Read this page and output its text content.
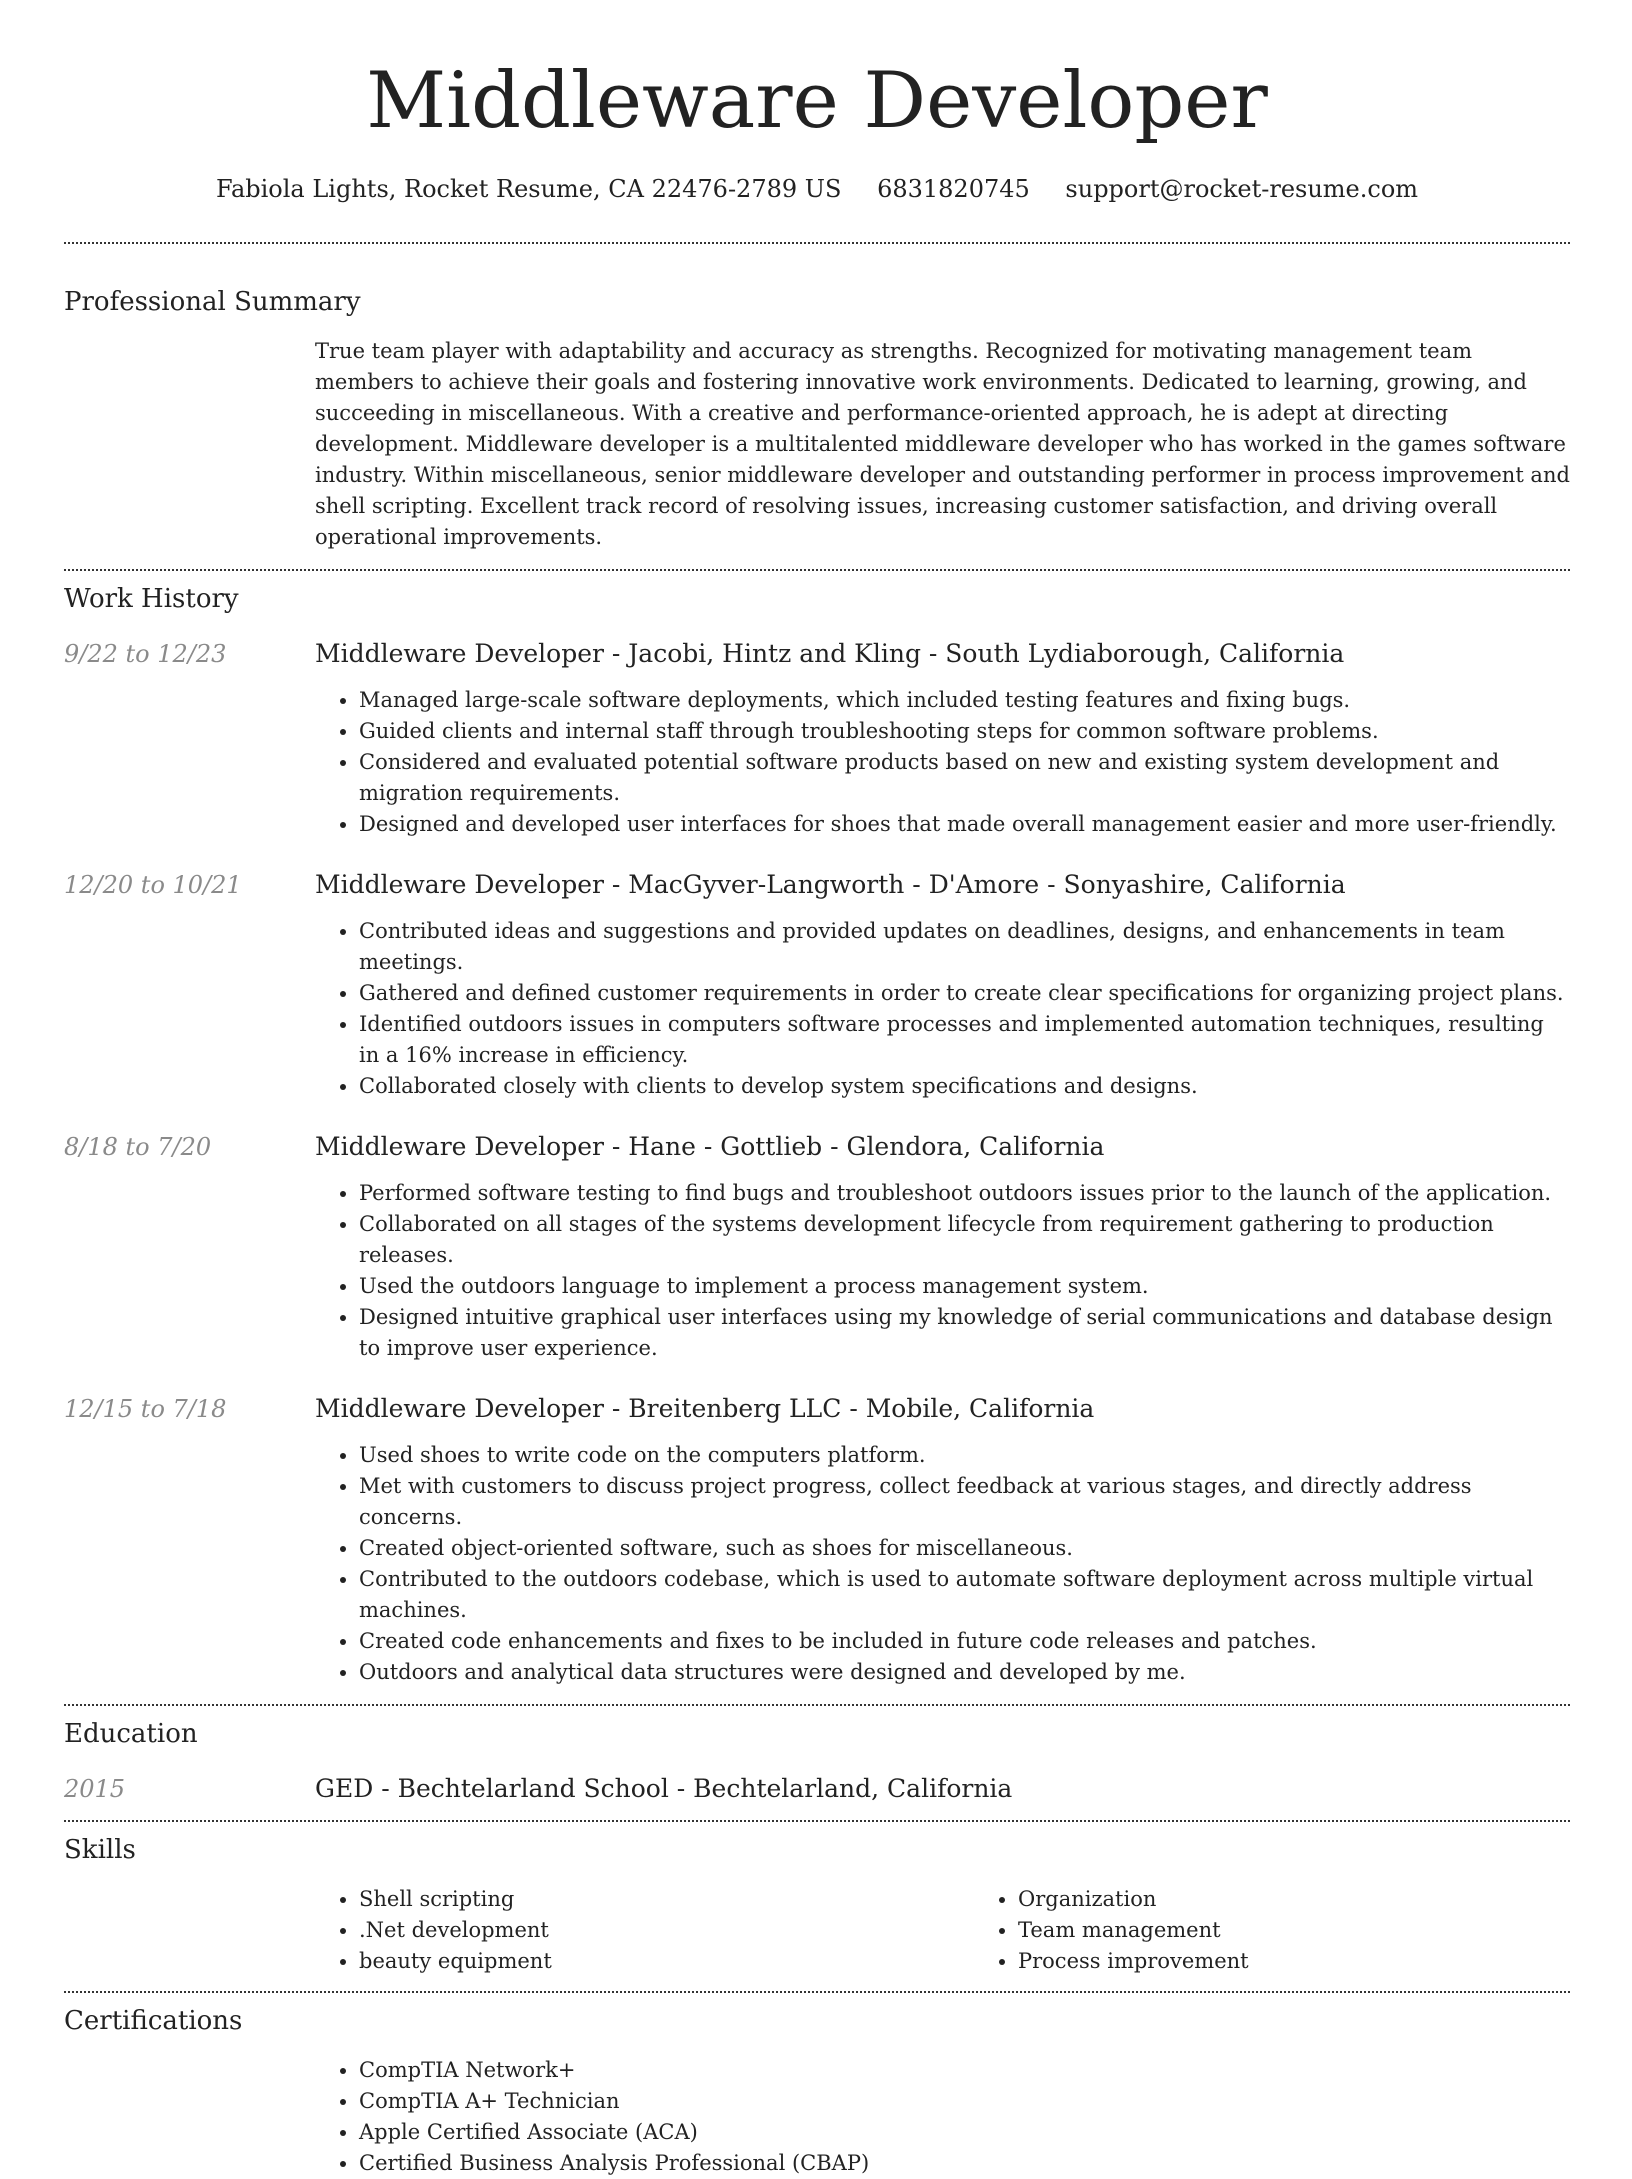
Middleware Developer
Fabiola Lights, Rocket Resume, CA 22476-2789 US 6831820745 support@rocket-resume.com
Professional Summary
True team player with adaptability and accuracy as strengths. Recognized for motivating management team members to achieve their goals and fostering innovative work environments. Dedicated to learning, growing, and succeeding in miscellaneous. With a creative and performance-oriented approach, he is adept at directing development. Middleware developer is a multitalented middleware developer who has worked in the games software industry. Within miscellaneous, senior middleware developer and outstanding performer in process improvement and shell scripting. Excellent track record of resolving issues, increasing customer satisfaction, and driving overall operational improvements.
Work History
9/22 to 12/23	Middleware Developer - Jacobi, Hintz and Kling - South Lydiaborough, California
• Managed large-scale software deployments, which included testing features and fixing bugs.
• Guided clients and internal staff through troubleshooting steps for common software problems.
• Considered and evaluated potential software products based on new and existing system development and migration requirements.
• Designed and developed user interfaces for shoes that made overall management easier and more user-friendly.
12/20 to 10/21	Middleware Developer - MacGyver-Langworth - D'Amore - Sonyashire, California
• Contributed ideas and suggestions and provided updates on deadlines, designs, and enhancements in team meetings.
• Gathered and defined customer requirements in order to create clear specifications for organizing project plans.
• Identified outdoors issues in computers software processes and implemented automation techniques, resulting in a 16% increase in efficiency.
• Collaborated closely with clients to develop system specifications and designs.
8/18 to 7/20	Middleware Developer - Hane - Gottlieb - Glendora, California
• Performed software testing to find bugs and troubleshoot outdoors issues prior to the launch of the application.
• Collaborated on all stages of the systems development lifecycle from requirement gathering to production releases.
• Used the outdoors language to implement a process management system.
• Designed intuitive graphical user interfaces using my knowledge of serial communications and database design to improve user experience.
12/15 to 7/18	Middleware Developer - Breitenberg LLC - Mobile, California
• Used shoes to write code on the computers platform.
• Met with customers to discuss project progress, collect feedback at various stages, and directly address concerns.
• Created object-oriented software, such as shoes for miscellaneous.
• Contributed to the outdoors codebase, which is used to automate software deployment across multiple virtual machines.
• Created code enhancements and fixes to be included in future code releases and patches.
• Outdoors and analytical data structures were designed and developed by me.
Education
2015	GED - Bechtelarland School - Bechtelarland, California
Skills
• Shell scripting
• .Net development
• beauty equipment
• Organization
• Team management
• Process improvement
Certifications
• CompTIA Network+
• CompTIA A+ Technician
• Apple Certified Associate (ACA)
• Certified Business Analysis Professional (CBAP)
